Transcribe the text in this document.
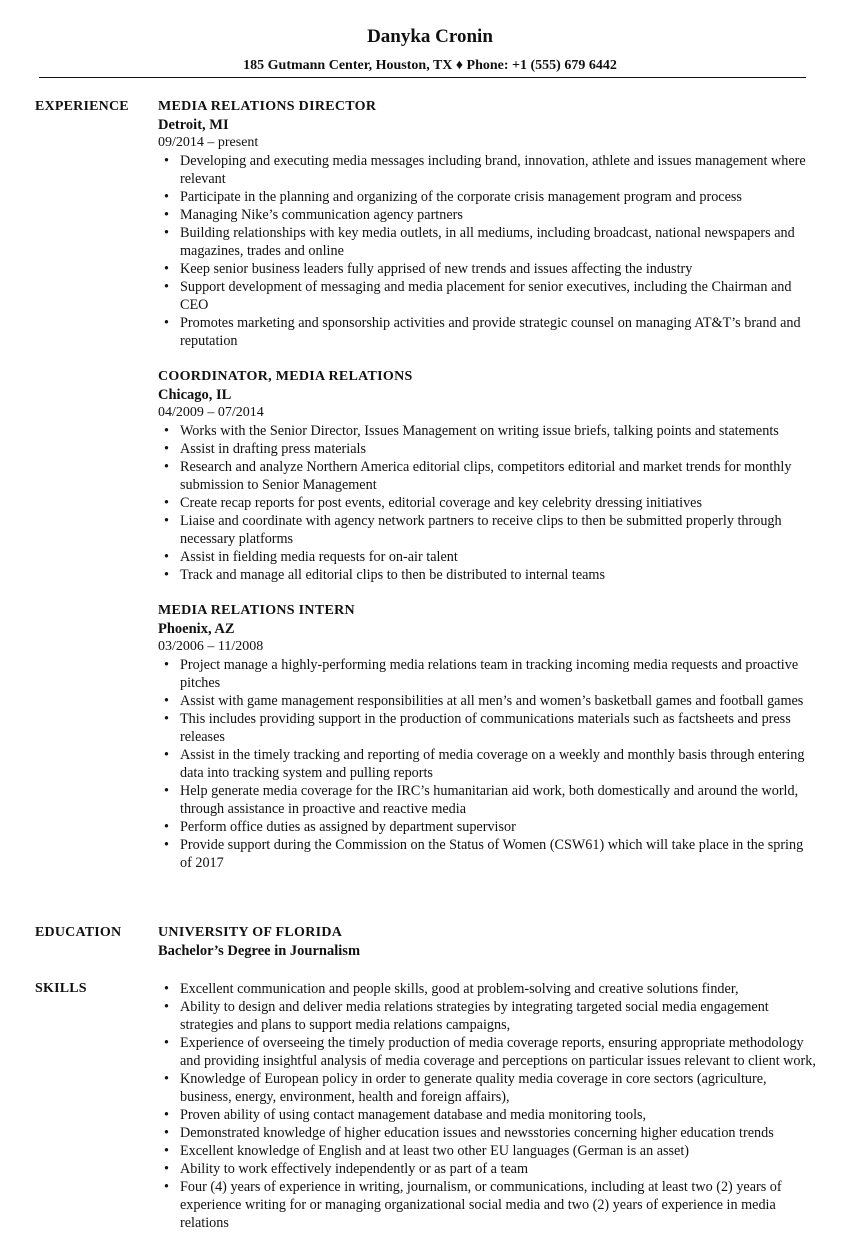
Danyka Cronin
185 Gutmann Center, Houston, TX ♦ Phone: +1 (555) 679 6442
EXPERIENCE MEDIA RELATIONS DIRECTOR
Detroit, MI
09/2014 – present
• Developing and executing media messages including brand, innovation, athlete and issues management where relevant
• Participate in the planning and organizing of the corporate crisis management program and process
• Managing Nike’s communication agency partners
• Building relationships with key media outlets, in all mediums, including broadcast, national newspapers and magazines, trades and online
• Keep senior business leaders fully apprised of new trends and issues affecting the industry
• Support development of messaging and media placement for senior executives, including the Chairman and CEO
• Promotes marketing and sponsorship activities and provide strategic counsel on managing AT&T’s brand and reputation
COORDINATOR, MEDIA RELATIONS
Chicago, IL
04/2009 – 07/2014
• Works with the Senior Director, Issues Management on writing issue briefs, talking points and statements
• Assist in drafting press materials
• Research and analyze Northern America editorial clips, competitors editorial and market trends for monthly submission to Senior Management
• Create recap reports for post events, editorial coverage and key celebrity dressing initiatives
• Liaise and coordinate with agency network partners to receive clips to then be submitted properly through necessary platforms
• Assist in fielding media requests for on-air talent
• Track and manage all editorial clips to then be distributed to internal teams
MEDIA RELATIONS INTERN
Phoenix, AZ
03/2006 – 11/2008
• Project manage a highly-performing media relations team in tracking incoming media requests and proactive pitches
• Assist with game management responsibilities at all men’s and women’s basketball games and football games
• This includes providing support in the production of communications materials such as factsheets and press releases
• Assist in the timely tracking and reporting of media coverage on a weekly and monthly basis through entering data into tracking system and pulling reports
• Help generate media coverage for the IRC’s humanitarian aid work, both domestically and around the world, through assistance in proactive and reactive media
• Perform office duties as assigned by department supervisor
• Provide support during the Commission on the Status of Women (CSW61) which will take place in the spring of 2017
EDUCATION	UNIVERSITY OF FLORIDA
Bachelor’s Degree in Journalism
SKILLS	• Excellent communication and people skills, good at problem-solving and creative solutions finder,
• Ability to design and deliver media relations strategies by integrating targeted social media engagement strategies and plans to support media relations campaigns,
• Experience of overseeing the timely production of media coverage reports, ensuring appropriate methodology and providing insightful analysis of media coverage and perceptions on particular issues relevant to client work,
• Knowledge of European policy in order to generate quality media coverage in core sectors (agriculture, business, energy, environment, health and foreign affairs),
• Proven ability of using contact management database and media monitoring tools,
• Demonstrated knowledge of higher education issues and newsstories concerning higher education trends
• Excellent knowledge of English and at least two other EU languages (German is an asset)
• Ability to work effectively independently or as part of a team
• Four (4) years of experience in writing, journalism, or communications, including at least two (2) years of experience writing for or managing organizational social media and two (2) years of experience in media relations
